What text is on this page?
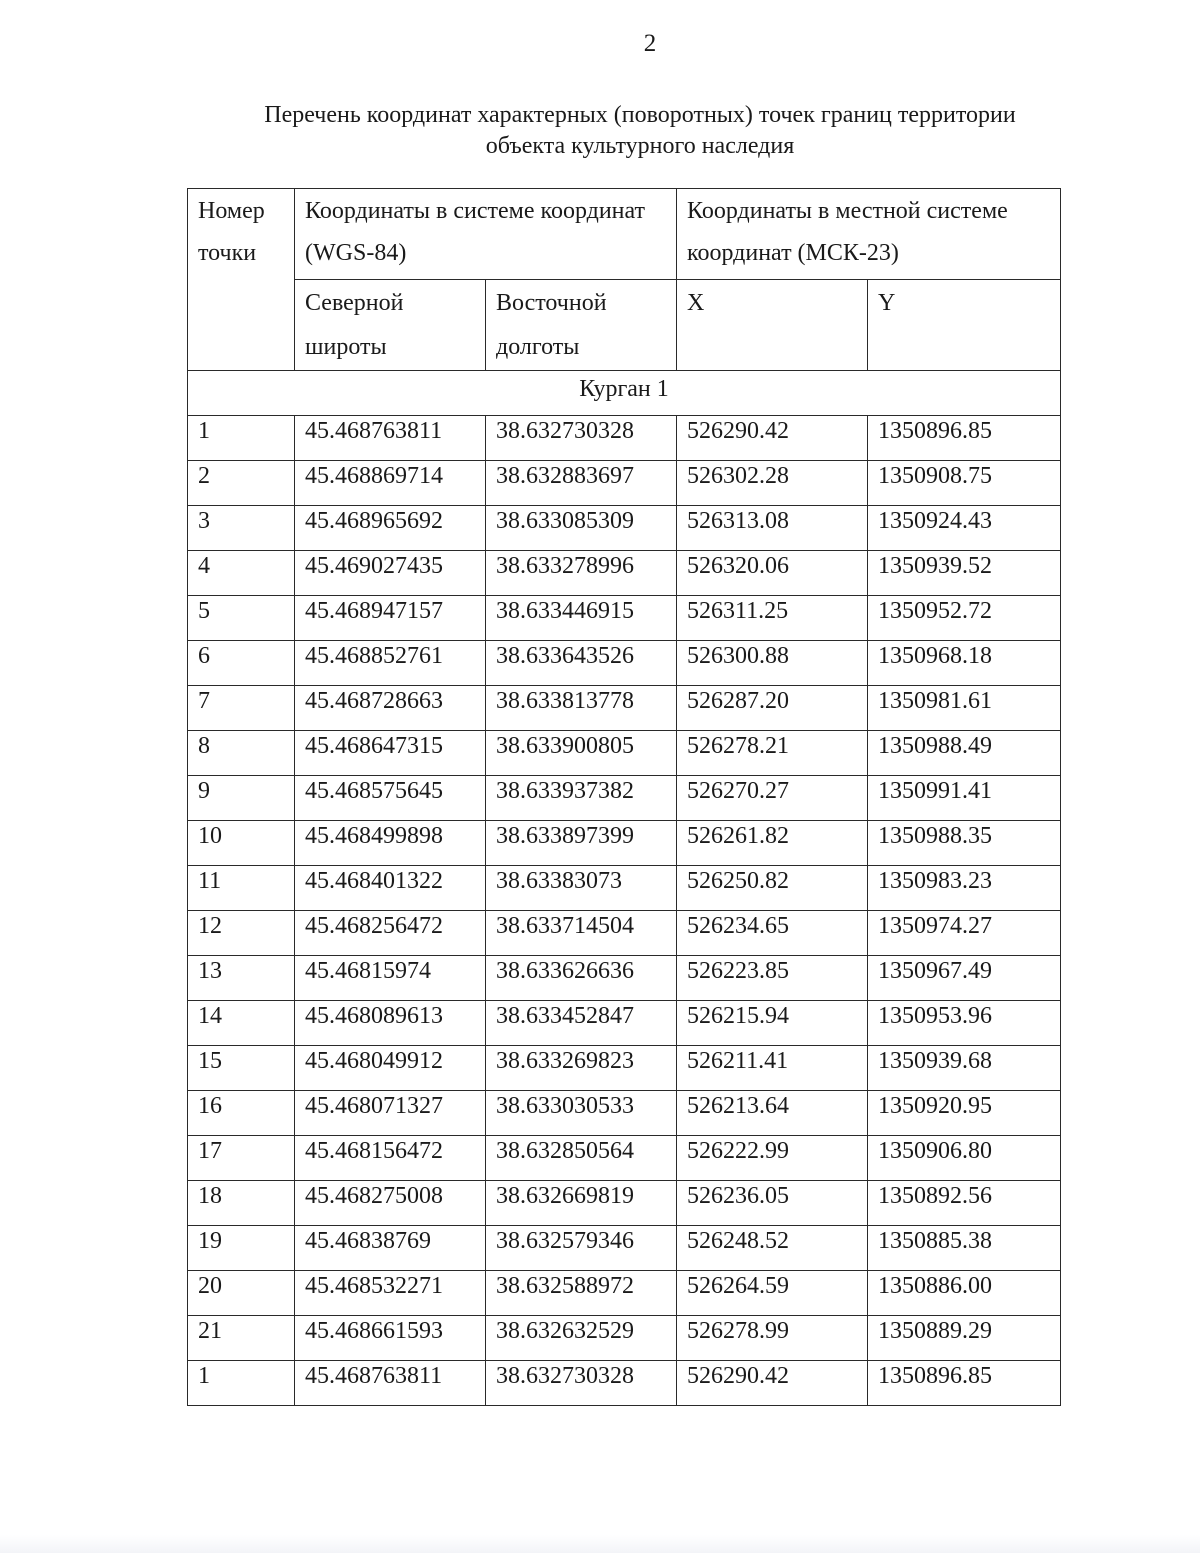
2
Перечень координат характерных (поворотных) точек границ территории
объекта культурного наследия
Номер точки	Координаты в системе координат (WGS-84)		Координаты в местной системе координат (МСК-23)	
	Северной широты	Восточной долготы	X	Y
Курган 1				
1	45.468763811	38.632730328	526290.42	1350896.85
2	45.468869714	38.632883697	526302.28	1350908.75
3	45.468965692	38.633085309	526313.08	1350924.43
4	45.469027435	38.633278996	526320.06	1350939.52
5	45.468947157	38.633446915	526311.25	1350952.72
6	45.468852761	38.633643526	526300.88	1350968.18
7	45.468728663	38.633813778	526287.20	1350981.61
8	45.468647315	38.633900805	526278.21	1350988.49
9	45.468575645	38.633937382	526270.27	1350991.41
10	45.468499898	38.633897399	526261.82	1350988.35
11	45.468401322	38.63383073	526250.82	1350983.23
12	45.468256472	38.633714504	526234.65	1350974.27
13	45.46815974	38.633626636	526223.85	1350967.49
14	45.468089613	38.633452847	526215.94	1350953.96
15	45.468049912	38.633269823	526211.41	1350939.68
16	45.468071327	38.633030533	526213.64	1350920.95
17	45.468156472	38.632850564	526222.99	1350906.80
18	45.468275008	38.632669819	526236.05	1350892.56
19	45.46838769	38.632579346	526248.52	1350885.38
20	45.468532271	38.632588972	526264.59	1350886.00
21	45.468661593	38.632632529	526278.99	1350889.29
1	45.468763811	38.632730328	526290.42	1350896.85
